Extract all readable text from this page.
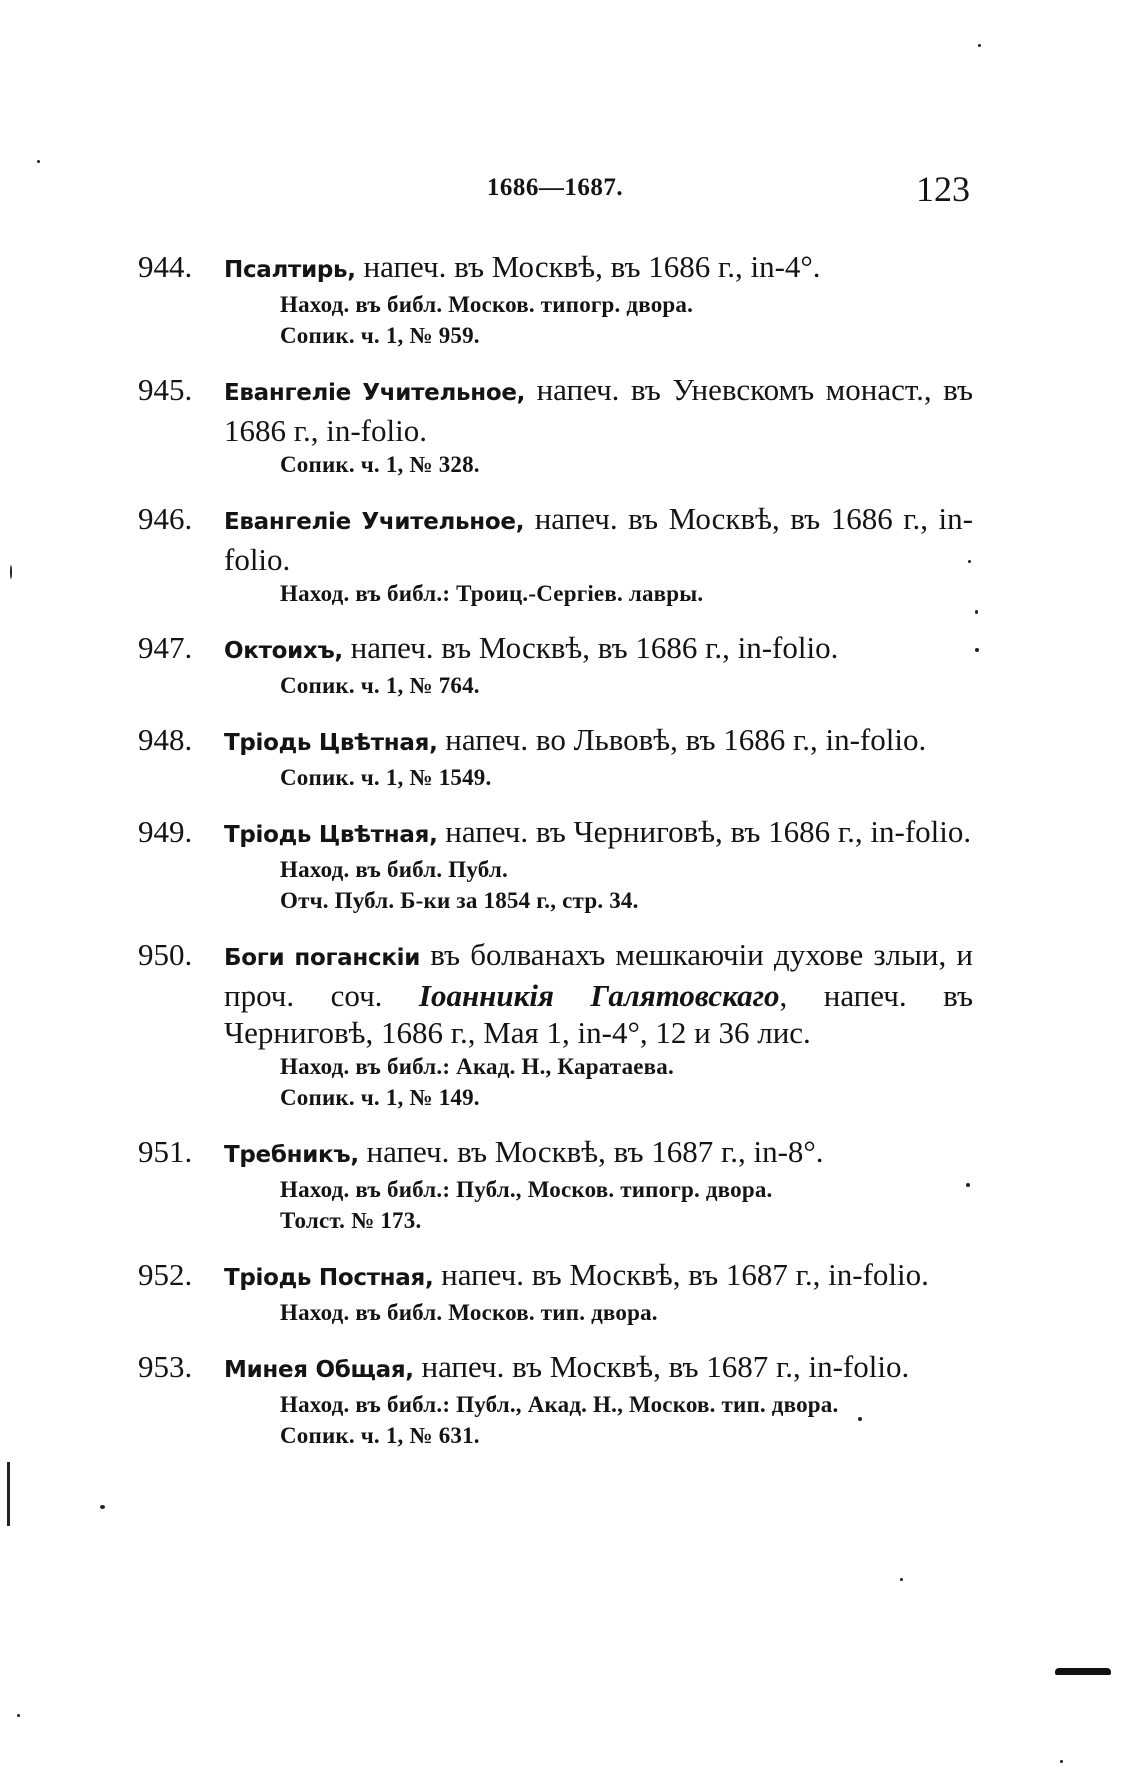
1686—1687.	123
944. Псалтирь, напеч. въ Москвѣ, въ 1686 г., in-4°.
Наход. въ библ. Москов. типогр. двора.
Сопик. ч. 1, № 959.
945. Евангеліе Учительное, напеч. въ Уневскомъ монаст., въ 1686 г., in-folio.
Сопик. ч. 1, № 328.
946. Евангеліе Учительное, напеч. въ Москвѣ, въ 1686 г., in-folio.
Наход. въ библ.: Троиц.-Сергiев. лавры.
947. Октоихъ, напеч. въ Москвѣ, въ 1686 г., in-folio.
Сопик. ч. 1, № 764.
948. Тріодь Цвѣтная, напеч. во Львовѣ, въ 1686 г., in-folio.
Сопик. ч. 1, № 1549.
949. Тріодь Цвѣтная, напеч. въ Черниговѣ, въ 1686 г., in-folio.
Наход. въ библ. Публ.
Отч. Публ. Б-ки за 1854 г., стр. 34.
950. Боги поганскіи въ болванахъ мешкаючіи духове злыи, и проч. соч. Іоанникія Галятовскаго, напеч. въ Черниговѣ, 1686 г., Мая 1, in-4°, 12 и 36 лис.
Наход. въ библ.: Акад. Н., Каратаева.
Сопик. ч. 1, № 149.
951. Требникъ, напеч. въ Москвѣ, въ 1687 г., in-8°.
Наход. въ библ.: Публ., Москов. типогр. двора.
Толст. № 173.
952. Тріодь Постная, напеч. въ Москвѣ, въ 1687 г., in-folio.
Наход. въ библ. Москов. тип. двора.
953. Минея Общая, напеч. въ Москвѣ, въ 1687 г., in-folio.
Наход. въ библ.: Публ., Акад. Н., Москов. тип. двора.
Сопик. ч. 1, № 631.
